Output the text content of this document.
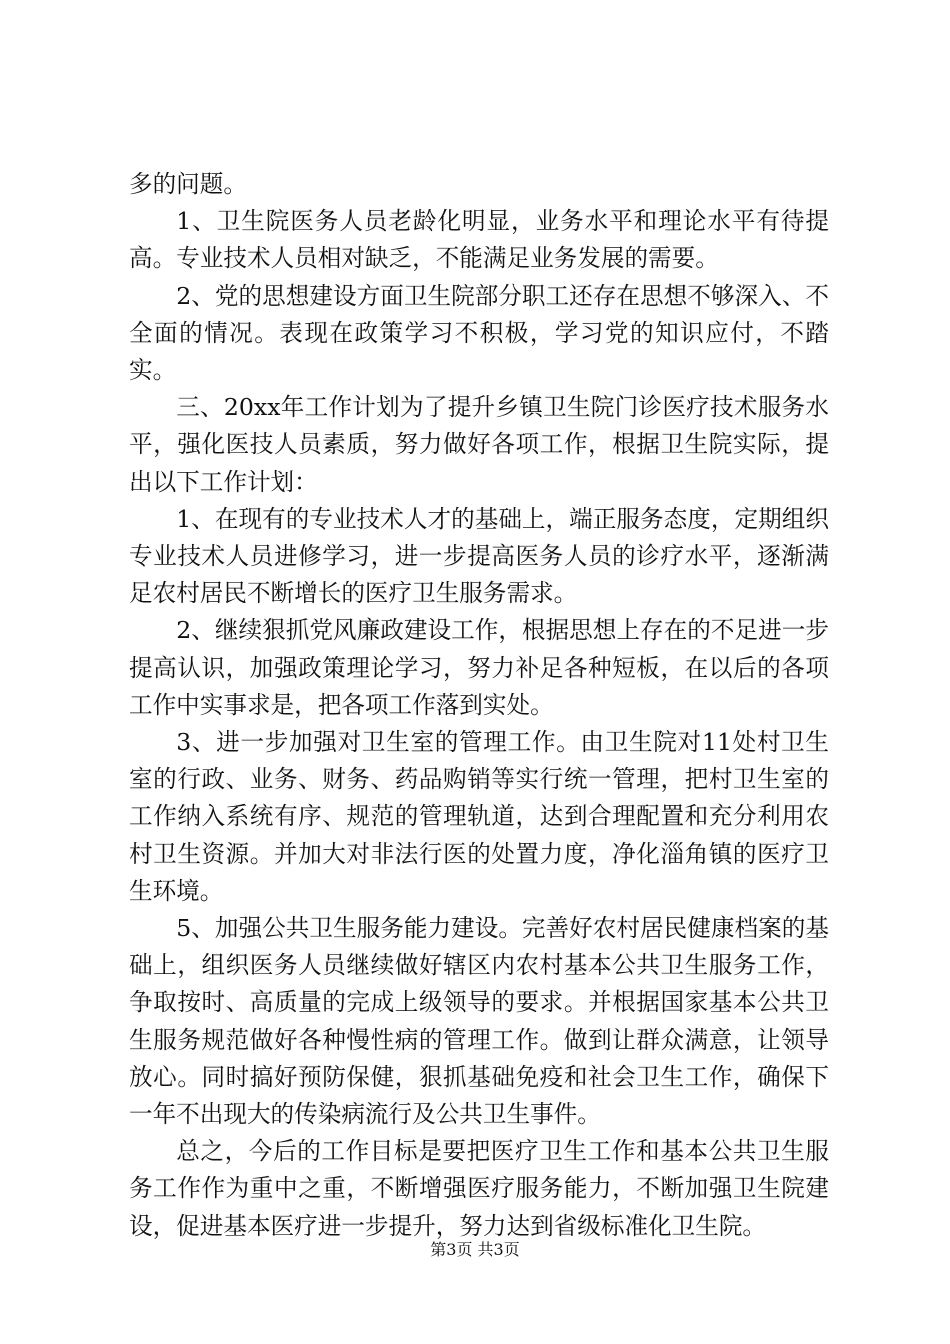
多的问题。

1、卫生院医务人员老龄化明显，业务水平和理论水平有待提高。专业技术人员相对缺乏，不能满足业务发展的需要。

2、党的思想建设方面卫生院部分职工还存在思想不够深入、不全面的情况。表现在政策学习不积极，学习党的知识应付，不踏实。

三、20xx年工作计划为了提升乡镇卫生院门诊医疗技术服务水平，强化医技人员素质，努力做好各项工作，根据卫生院实际，提出以下工作计划：

1、在现有的专业技术人才的基础上，端正服务态度，定期组织专业技术人员进修学习，进一步提高医务人员的诊疗水平，逐渐满足农村居民不断增长的医疗卫生服务需求。

2、继续狠抓党风廉政建设工作，根据思想上存在的不足进一步提高认识，加强政策理论学习，努力补足各种短板，在以后的各项工作中实事求是，把各项工作落到实处。

3、进一步加强对卫生室的管理工作。由卫生院对11处村卫生室的行政、业务、财务、药品购销等实行统一管理，把村卫生室的工作纳入系统有序、规范的管理轨道，达到合理配置和充分利用农村卫生资源。并加大对非法行医的处置力度，净化淄角镇的医疗卫生环境。

5、加强公共卫生服务能力建设。完善好农村居民健康档案的基础上，组织医务人员继续做好辖区内农村基本公共卫生服务工作，争取按时、高质量的完成上级领导的要求。并根据国家基本公共卫生服务规范做好各种慢性病的管理工作。做到让群众满意，让领导放心。同时搞好预防保健，狠抓基础免疫和社会卫生工作，确保下一年不出现大的传染病流行及公共卫生事件。

总之，今后的工作目标是要把医疗卫生工作和基本公共卫生服务工作作为重中之重，不断增强医疗服务能力，不断加强卫生院建设，促进基本医疗进一步提升，努力达到省级标准化卫生院。

第3页 共3页
